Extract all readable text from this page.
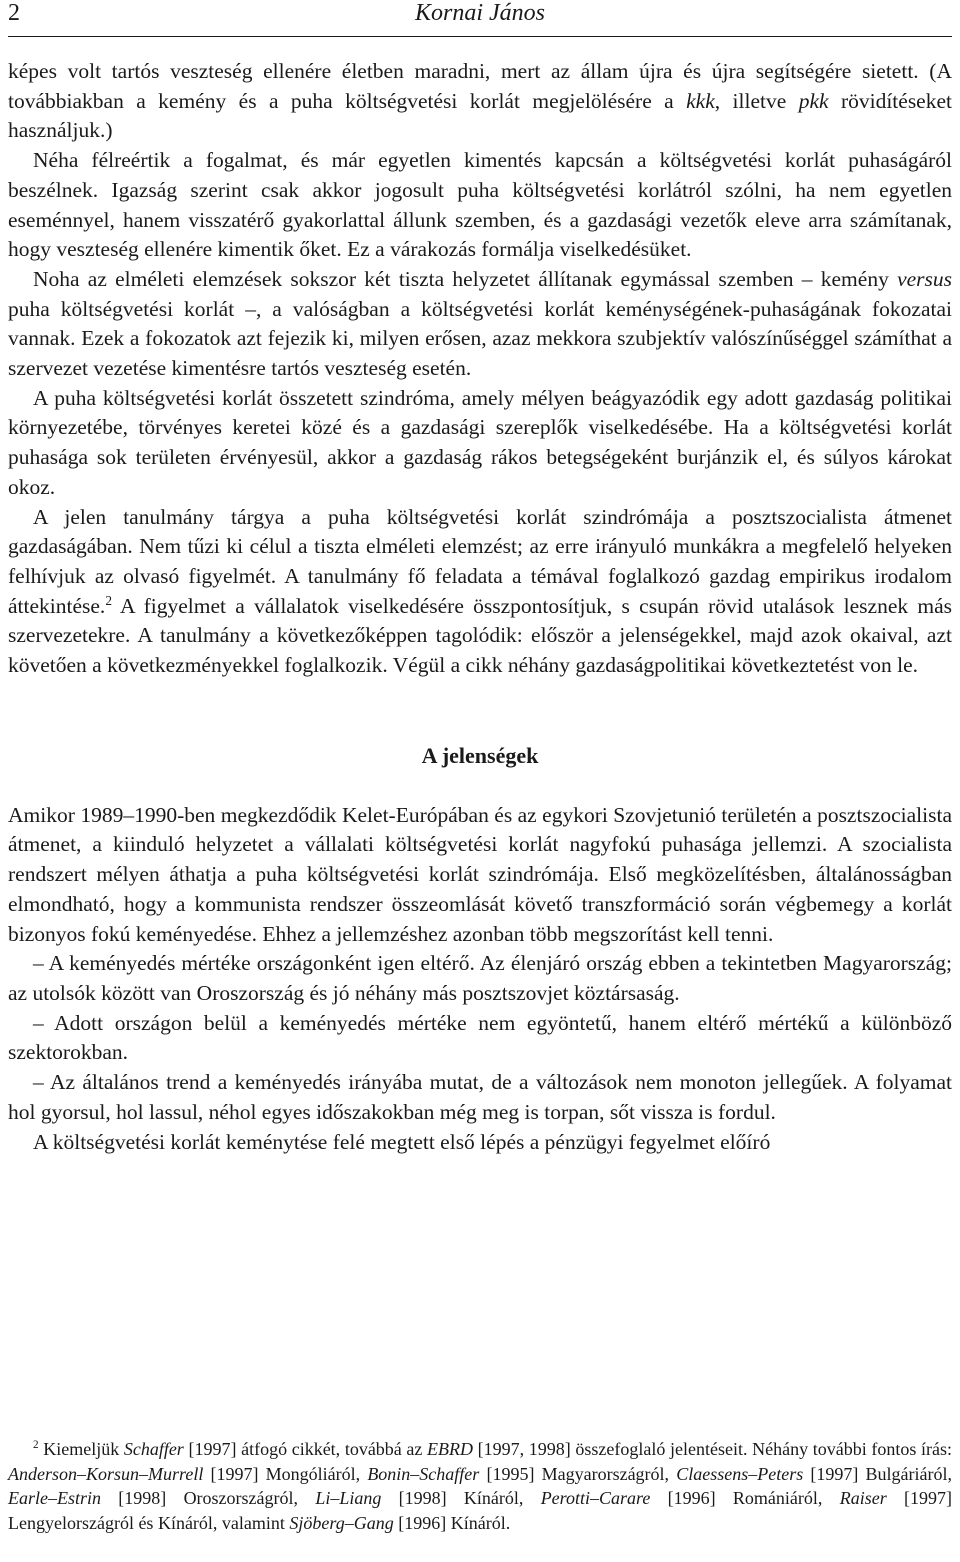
2	Kornai János

képes volt tartós veszteség ellenére életben maradni, mert az állam újra és újra segítségére sietett. (A továbbiakban a kemény és a puha költségvetési korlát megjelölésére a kkk, illetve pkk rövidítéseket használjuk.)

Néha félreértik a fogalmat, és már egyetlen kimentés kapcsán a költségvetési korlát puhaságáról beszélnek. Igazság szerint csak akkor jogosult puha költségvetési korlátról szólni, ha nem egyetlen eseménnyel, hanem visszatérő gyakorlattal állunk szemben, és a gazdasági vezetők eleve arra számítanak, hogy veszteség ellenére kimentik őket. Ez a várakozás formálja viselkedésüket.

Noha az elméleti elemzések sokszor két tiszta helyzetet állítanak egymással szemben – kemény versus puha költségvetési korlát –, a valóságban a költségvetési korlát keménységének-puhaságának fokozatai vannak. Ezek a fokozatok azt fejezik ki, milyen erősen, azaz mekkora szubjektív valószínűséggel számíthat a szervezet vezetése kimentésre tartós veszteség esetén.

A puha költségvetési korlát összetett szindróma, amely mélyen beágyazódik egy adott gazdaság politikai környezetébe, törvényes keretei közé és a gazdasági szereplők viselkedésébe. Ha a költségvetési korlát puhasága sok területen érvényesül, akkor a gazdaság rákos betegségeként burjánzik el, és súlyos károkat okoz.

A jelen tanulmány tárgya a puha költségvetési korlát szindrómája a posztszocialista átmenet gazdaságában. Nem tűzi ki célul a tiszta elméleti elemzést; az erre irányuló munkákra a megfelelő helyeken felhívjuk az olvasó figyelmét. A tanulmány fő feladata a témával foglalkozó gazdag empirikus irodalom áttekintése.$^2$ A figyelmet a vállalatok viselkedésére összpontosítjuk, s csupán rövid utalások lesznek más szervezetekre. A tanulmány a következőképpen tagolódik: először a jelenségekkel, majd azok okaival, azt követően a következményekkel foglalkozik. Végül a cikk néhány gazdaságpolitikai következtetést von le.

A jelenségek

Amikor 1989–1990-ben megkezdődik Kelet-Európában és az egykori Szovjetunió területén a posztszocialista átmenet, a kiinduló helyzetet a vállalati költségvetési korlát nagyfokú puhasága jellemzi. A szocialista rendszert mélyen áthatja a puha költségvetési korlát szindrómája. Első megközelítésben, általánosságban elmondható, hogy a kommunista rendszer összeomlását követő transzformáció során végbemegy a korlát bizonyos fokú keményedése. Ehhez a jellemzéshez azonban több megszorítást kell tenni.

– A keményedés mértéke országonként igen eltérő. Az élenjáró ország ebben a tekintetben Magyarország; az utolsók között van Oroszország és jó néhány más posztszovjet köztársaság.

– Adott országon belül a keményedés mértéke nem egyöntetű, hanem eltérő mértékű a különböző szektorokban.

– Az általános trend a keményedés irányába mutat, de a változások nem monoton jellegűek. A folyamat hol gyorsul, hol lassul, néhol egyes időszakokban még meg is torpan, sőt vissza is fordul.

A költségvetési korlát keménytése felé megtett első lépés a pénzügyi fegyelmet előíró

$^2$ Kiemeljük Schaffer [1997] átfogó cikkét, továbbá az EBRD [1997, 1998] összefoglaló jelentéseit. Néhány további fontos írás: Anderson–Korsun–Murrell [1997] Mongóliáról, Bonin–Schaffer [1995] Magyarországról, Claessens–Peters [1997] Bulgáriáról, Earle–Estrin [1998] Oroszországról, Li–Liang [1998] Kínáról, Perotti–Carare [1996] Romániáról, Raiser [1997] Lengyelországról és Kínáról, valamint Sjöberg–Gang [1996] Kínáról.
